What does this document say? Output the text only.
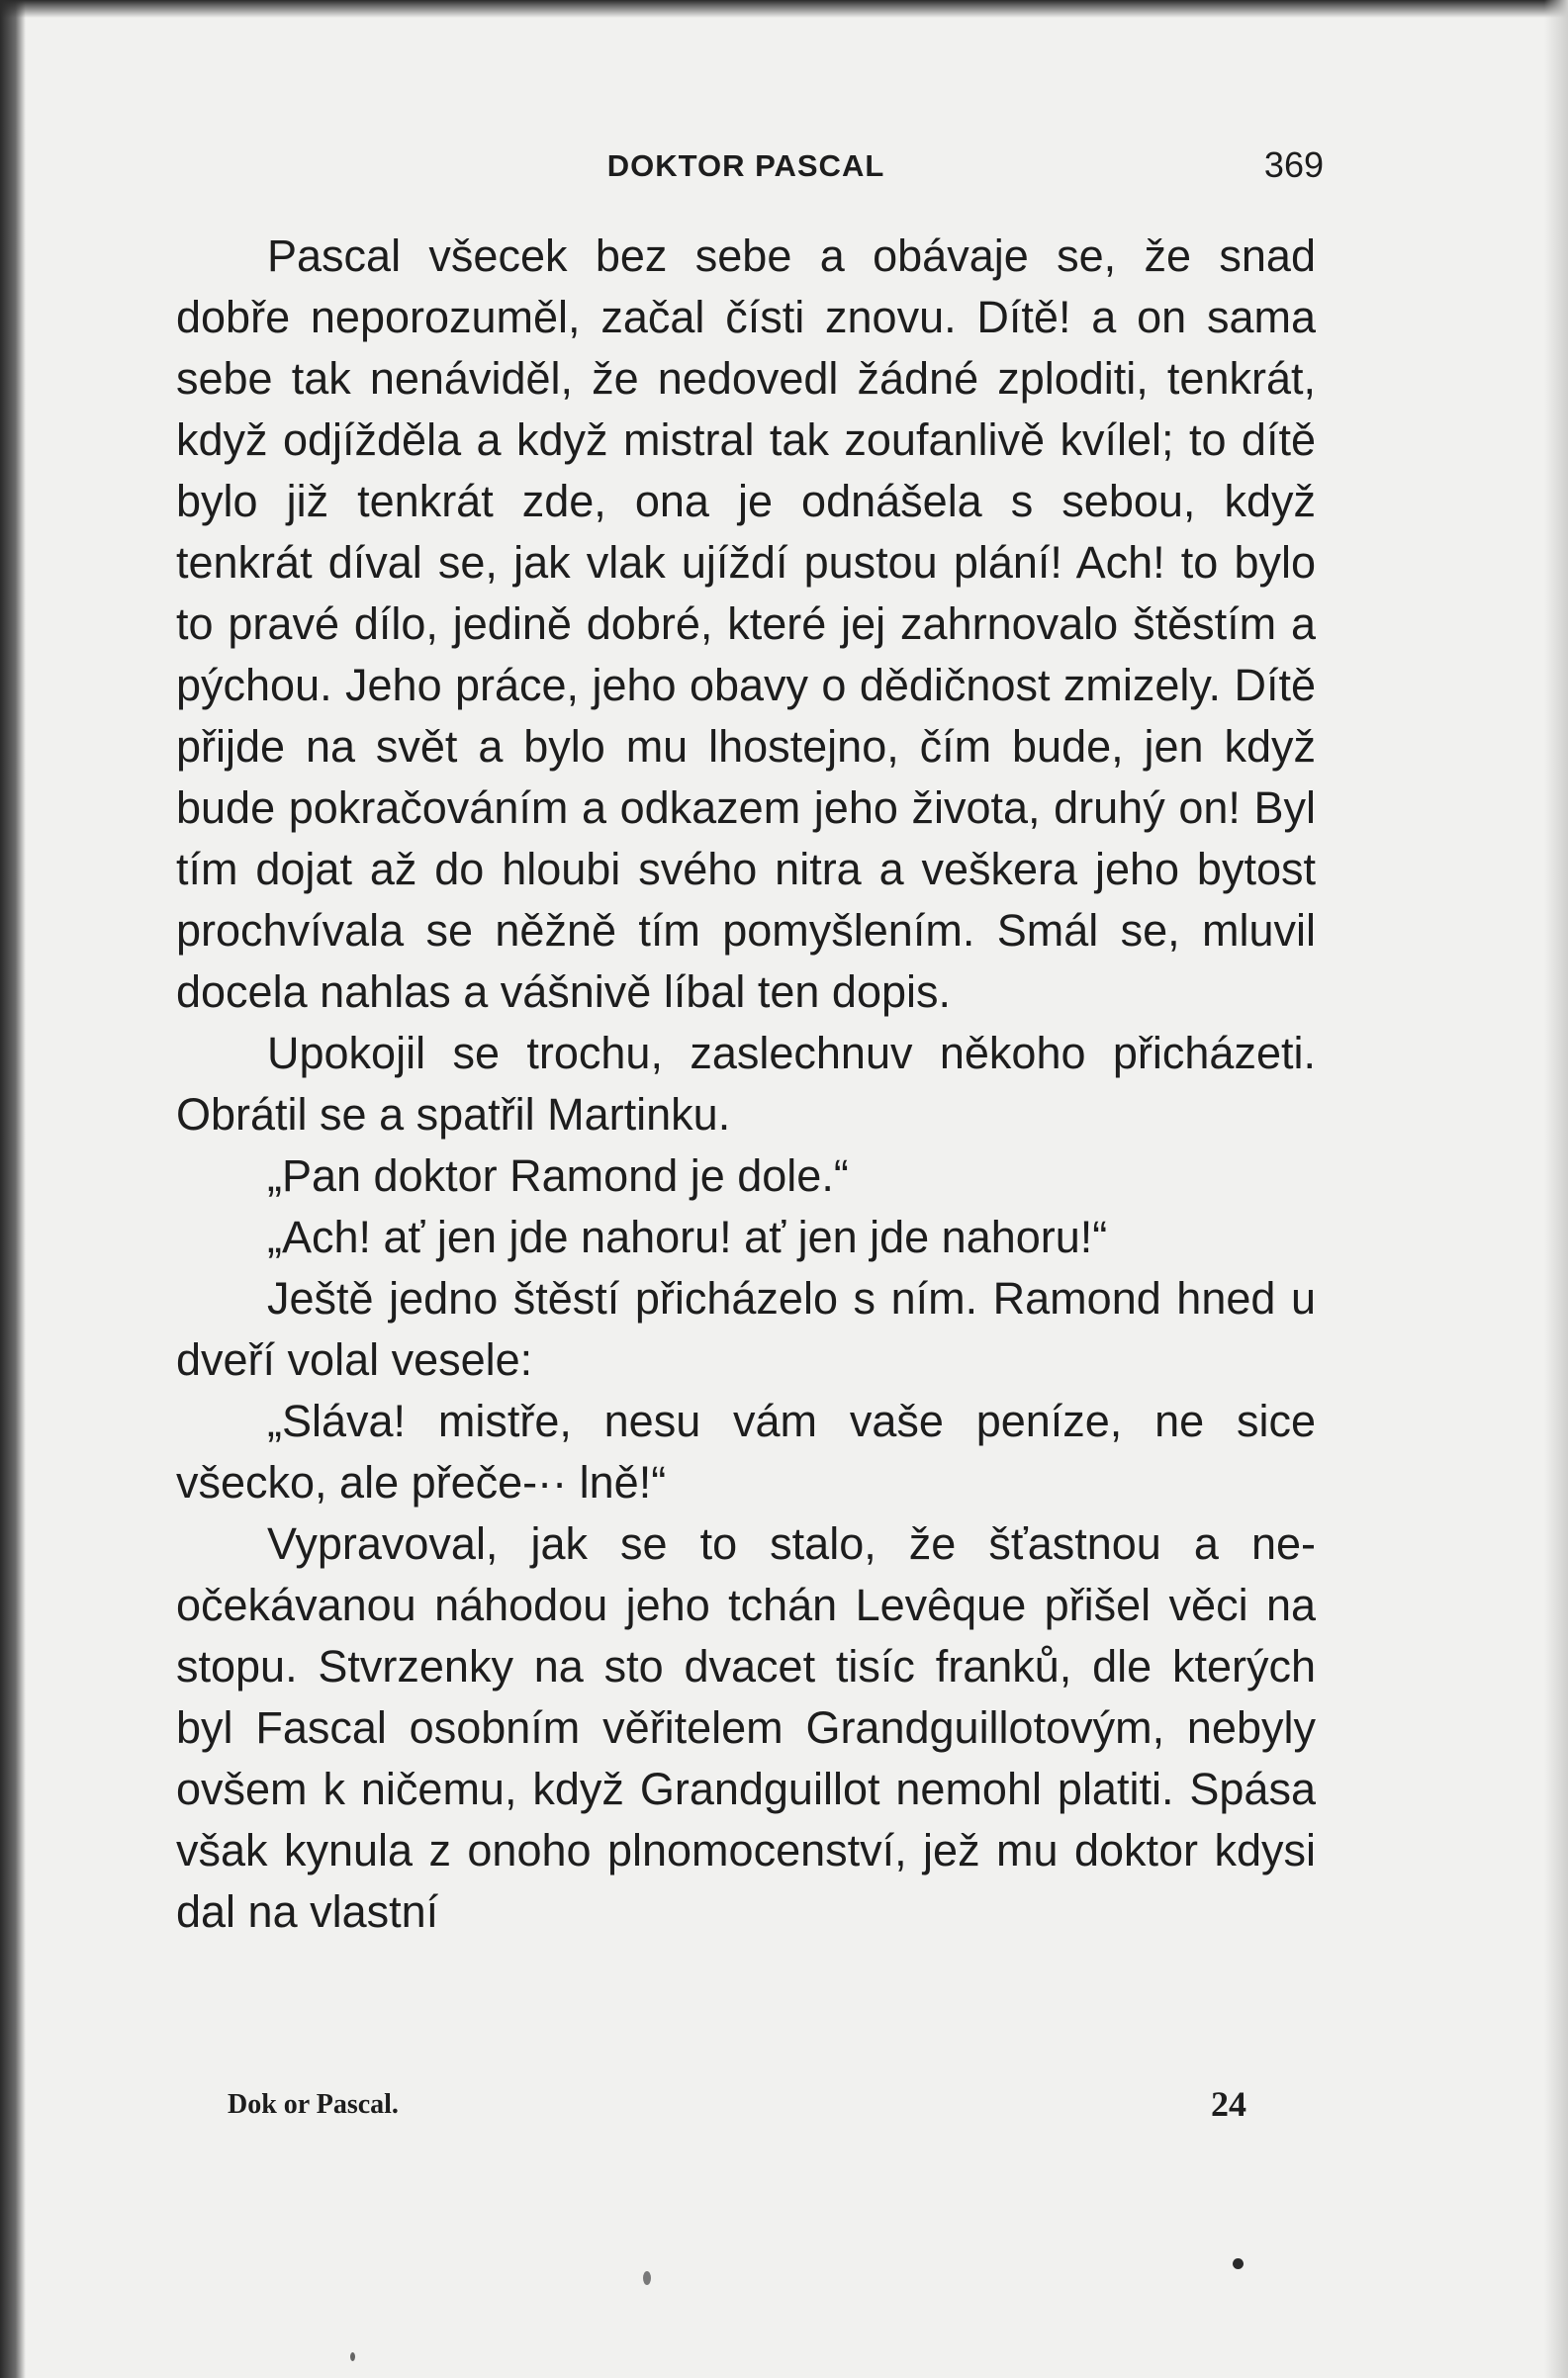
DOKTOR PASCAL	369

Pascal všecek bez sebe a obávaje se, že snad dobře neporozuměl, začal čísti znovu. Dítě! a on sama sebe tak nenáviděl, že nedovedl žádné zploditi, tenkrát, když odjížděla a když mistral tak zoufanlivě kvílel; to dítě bylo již tenkrát zde, ona je odnášela s sebou, když tenkrát díval se, jak vlak ujíždí pustou plání! Ach! to bylo to pravé dílo, jedině dobré, které jej zahrnovalo štěstím a pýchou. Jeho práce, jeho obavy o dědičnost zmizely. Dítě přijde na svět a bylo mu lhostejno, čím bude, jen když bude pokračováním a odkazem jeho života, druhý on! Byl tím dojat až do hloubi svého nitra a veškera jeho bytost prochvívala se něžně tím pomyšlením. Smál se, mluvil docela nahlas a vášnivě líbal ten dopis.

Upokojil se trochu, zaslechnuv někoho přicházeti. Obrátil se a spatřil Martinku.

„Pan doktor Ramond je dole.“

„Ach! ať jen jde nahoru! ať jen jde nahoru!“

Ještě jedno štěstí přicházelo s ním. Ramond hned u dveří volal vesele:

„Sláva! mistře, nesu vám vaše peníze, ne sice všecko, ale přeče-·· lně!“

Vypravoval, jak se to stalo, že šťastnou a neočekávanou náhodou jeho tchán Levêque přišel věci na stopu. Stvrzenky na sto dvacet tisíc franků, dle kterých byl Fascal osobním věřitelem Grandguillotovým, nebyly ovšem k ničemu, když Grandguillot nemohl platiti. Spása však kynula z onoho plnomocenství, jež mu doktor kdysi dal na vlastní

Dok or Pascal.	24
